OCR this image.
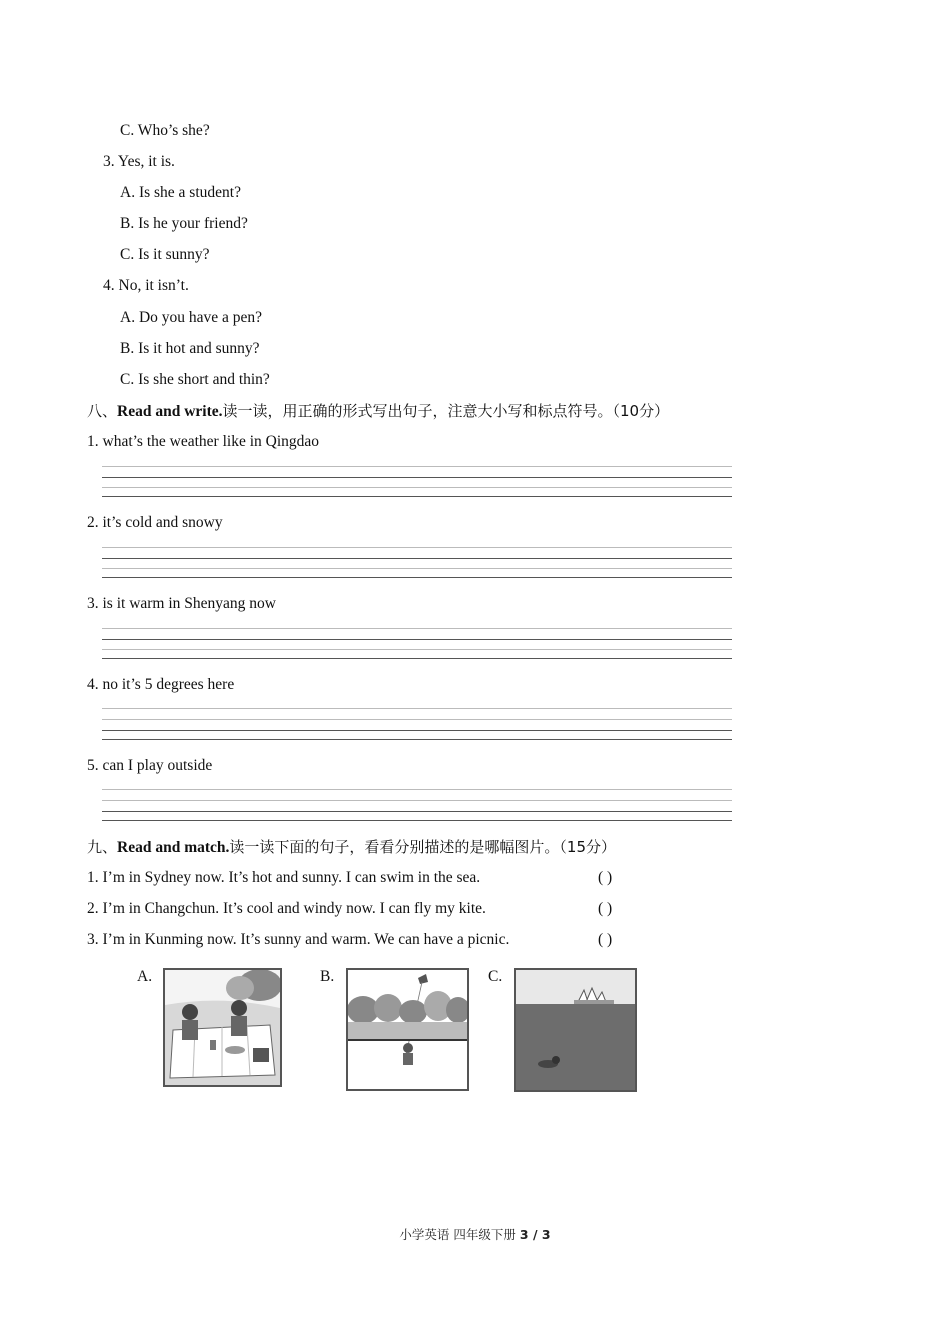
C. Who’s she?
3. Yes, it is.
A. Is she a student?
B. Is he your friend?
C. Is it sunny?
4. No, it isn’t.
A. Do you have a pen?
B. Is it hot and sunny?
C. Is she short and thin?
八、Read and write.读一读，用正确的形式写出句子，注意大小写和标点符号。（10分）
1. what’s the weather like in Qingdao
2. it’s cold and snowy
3. is it warm in Shenyang now
4. no it’s 5 degrees here
5. can I play outside
九、Read and match.读一读下面的句子，看看分别描述的是哪幅图片。（15分）
1. I’m in Sydney now. It’s hot and sunny. I can swim in the sea.	( )
2. I’m in Changchun. It’s cool and windy now. I can fly my kite.	( )
3. I’m in Kunming now. It’s sunny and warm. We can have a picnic.	( )
A.	B.	C.
小学英语 四年级下册 3 / 3
